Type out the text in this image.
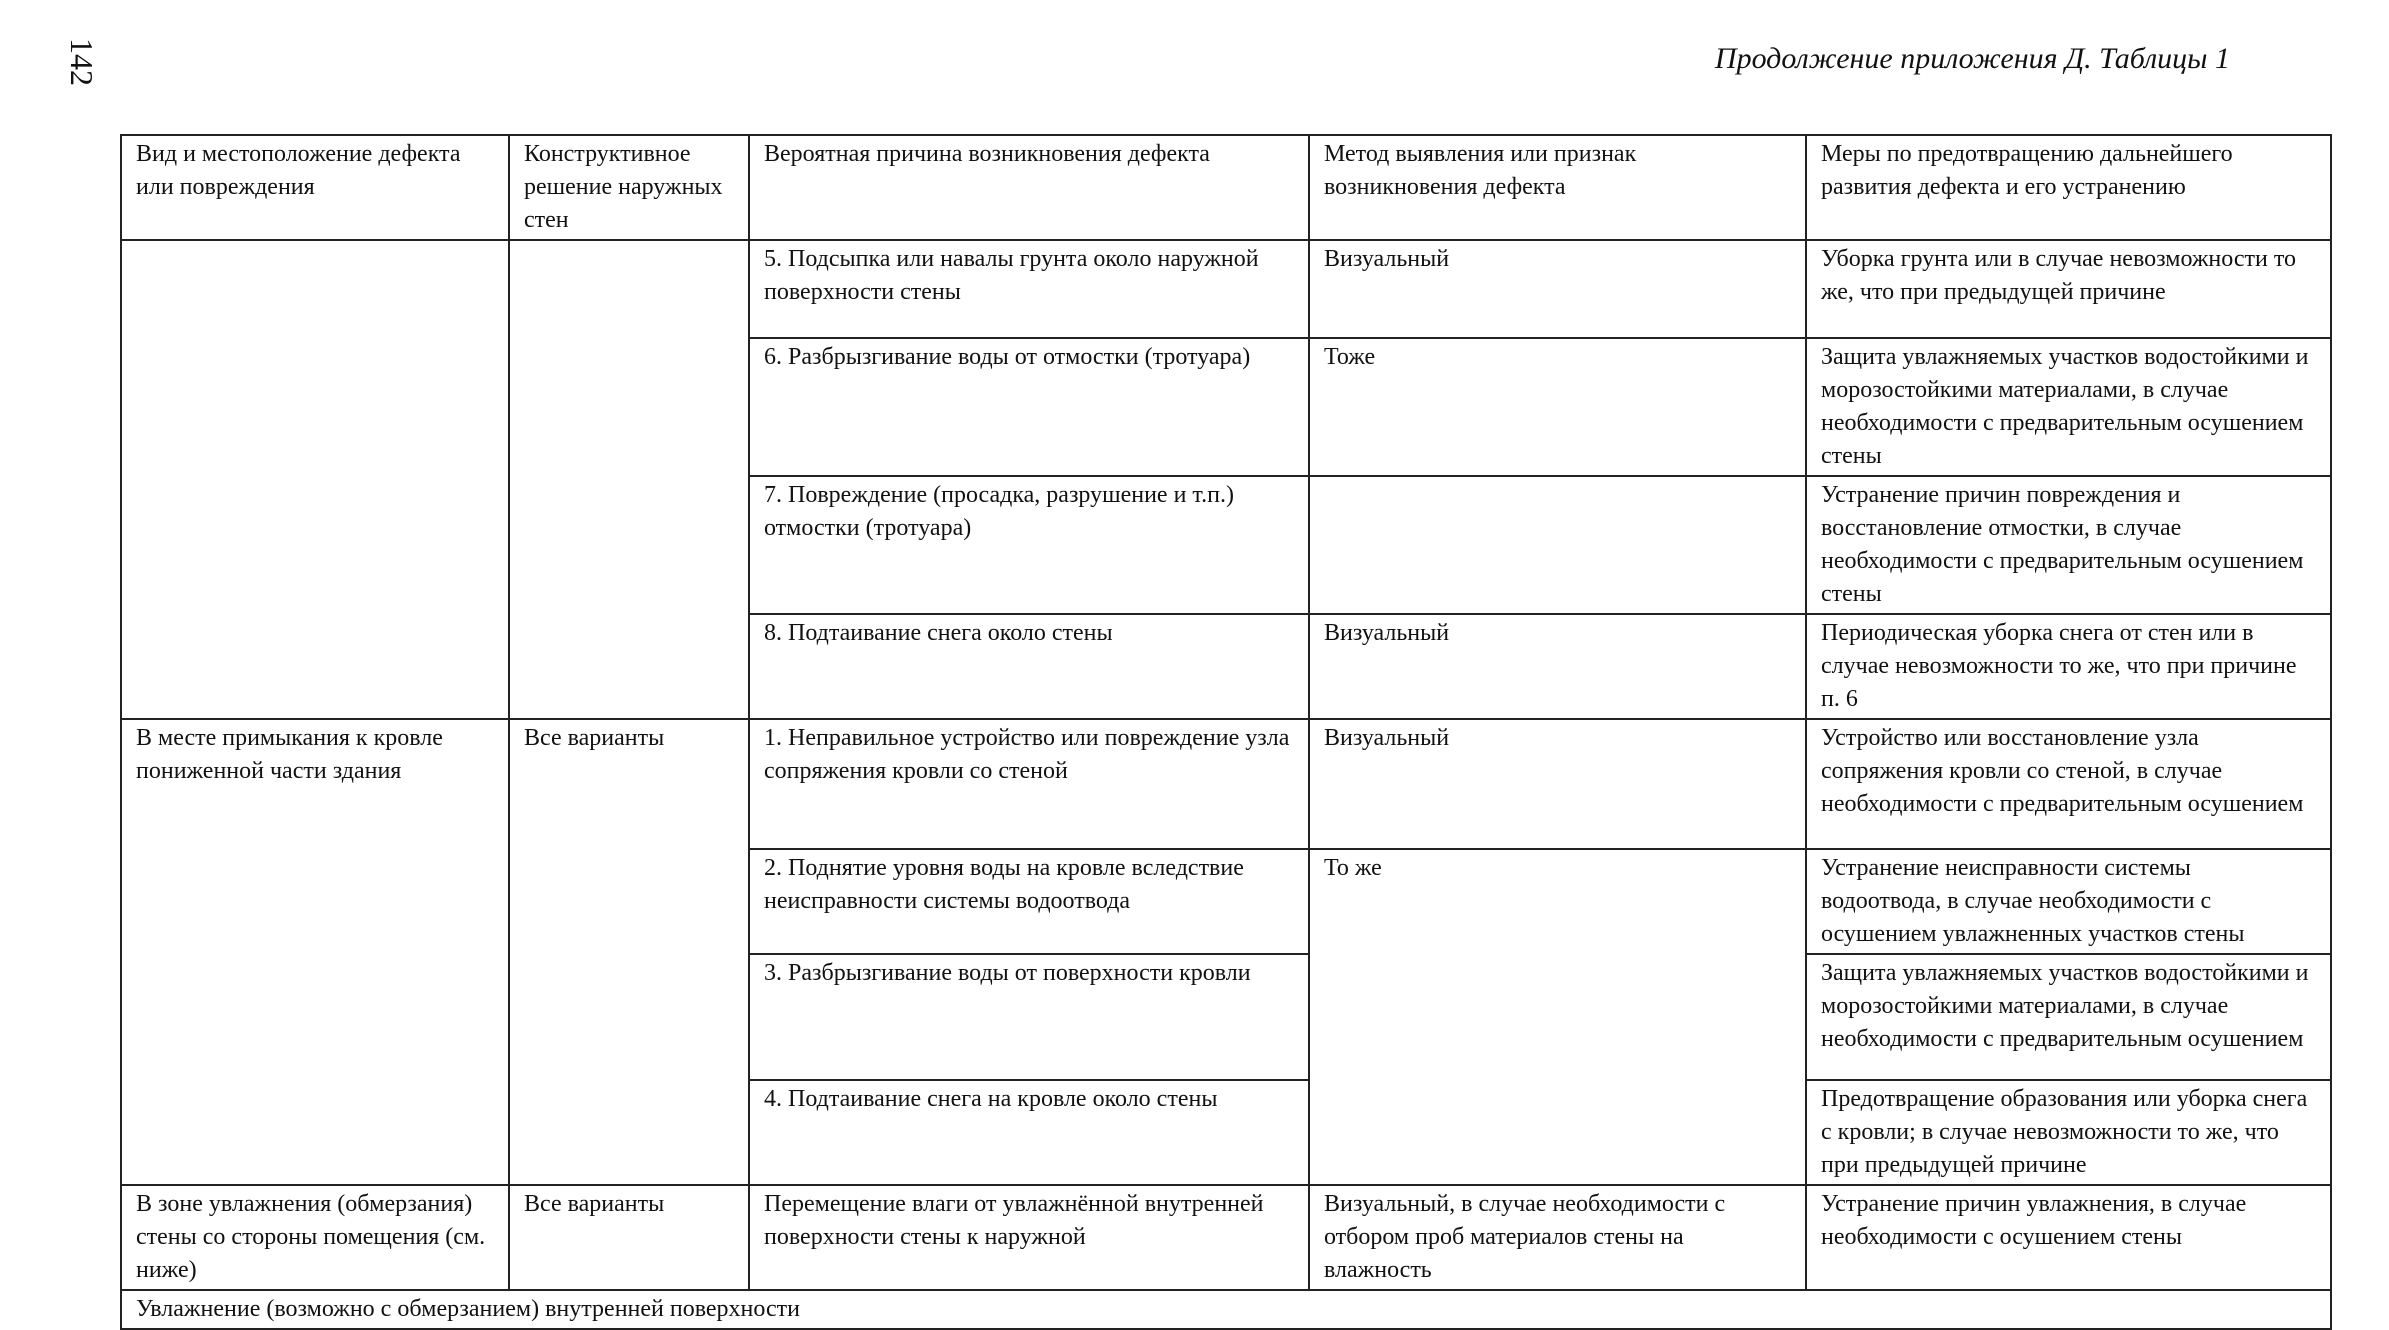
142	Продолжение приложения Д. Таблицы 1
Вид и местоположение дефекта или повреждения	Конструктивное решение наружных стен	Вероятная причина возникновения дефекта	Метод выявления или признак возникновения дефекта	Меры по предотвращению дальнейшего развития дефекта и его устранению
		5. Подсыпка или навалы грунта около наружной поверхности стены	Визуальный	Уборка грунта или в случае невозможности то же, что при предыдущей причине
		6. Разбрызгивание воды от отмостки (тротуара)	Тоже	Защита увлажняемых участков водостойкими и морозостойкими материалами, в случае необходимости с предварительным осушением стены
		7. Повреждение (просадка, разрушение и т.п.) отмостки (тротуара)		Устранение причин повреждения и восстановление отмостки, в случае необходимости с предварительным осушением стены
		8. Подтаивание снега около стены	Визуальный	Периодическая уборка снега от стен или в случае невозможности то же, что при причине п. 6
В месте примыкания к кровле пониженной части здания	Все варианты	1. Неправильное устройство или повреждение узла сопряжения кровли со стеной	Визуальный	Устройство или восстановление узла сопряжения кровли со стеной, в случае необходимости с предварительным осушением
		2. Поднятие уровня воды на кровле вследствие неисправности системы водоотвода	То же	Устранение неисправности системы водоотвода, в случае необходимости с осушением увлажненных участков стены
		3. Разбрызгивание воды от поверхности кровли		Защита увлажняемых участков водостойкими и морозостойкими материалами, в случае необходимости с предварительным осушением
		4. Подтаивание снега на кровле около стены		Предотвращение образования или уборка снега с кровли; в случае невозможности то же, что при предыдущей причине
В зоне увлажнения (обмерзания) стены со стороны помещения (см. ниже)	Все варианты	Перемещение влаги от увлажнённой внутренней поверхности стены к наружной	Визуальный, в случае необходимости с отбором проб материалов стены на влажность	Устранение причин увлажнения, в случае необходимости с осушением стены
Увлажнение (возможно с обмерзанием) внутренней поверхности				
